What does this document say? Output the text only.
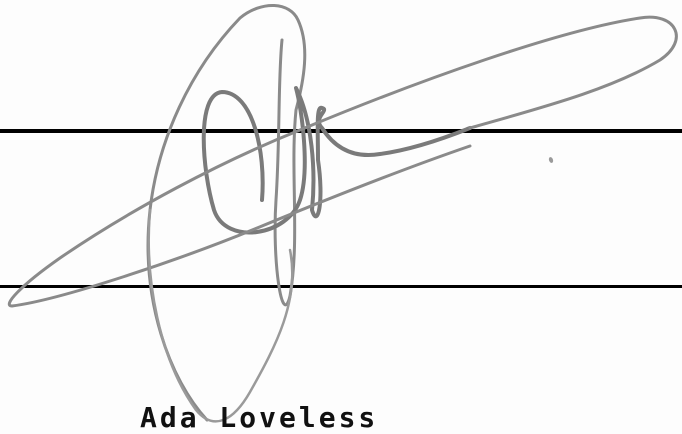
Ada Loveless
